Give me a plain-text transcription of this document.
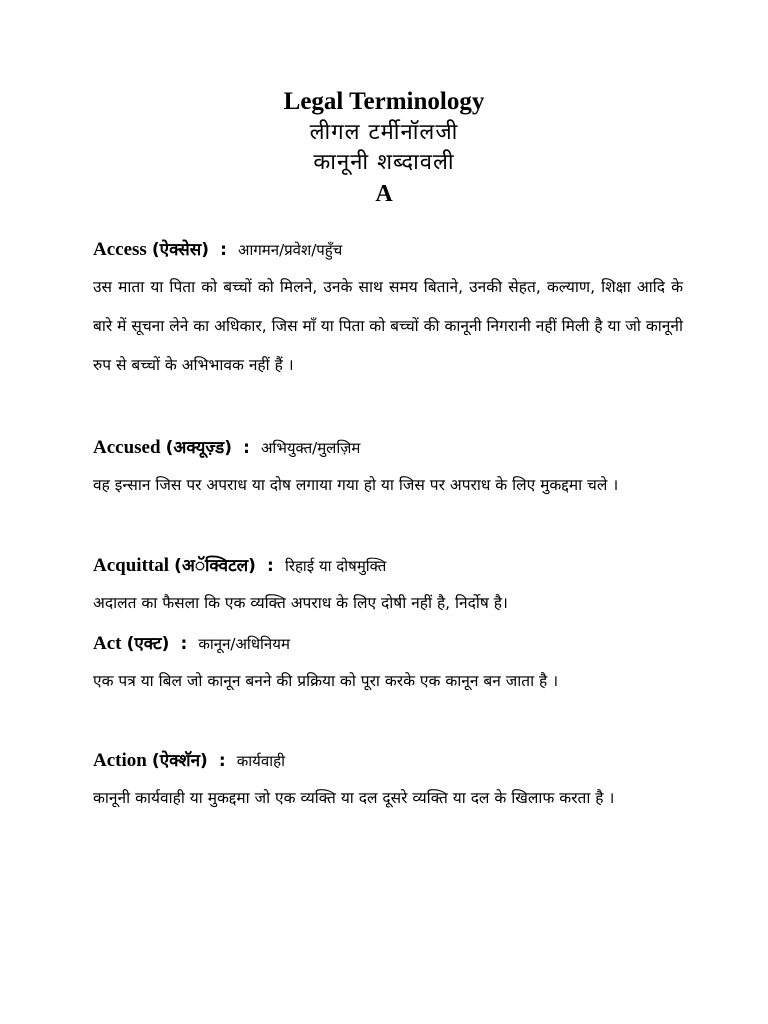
Legal Terminology
लीगल टर्मीनॉलजी
कानूनी शब्दावली
A
Access (ऐक्सेस) : आगमन/प्रवेश/पहुँच
उस माता या पिता को बच्चों को मिलने, उनके साथ समय बिताने, उनकी सेहत, कल्याण, शिक्षा आदि के बारे में सूचना लेने का अधिकार, जिस माँ या पिता को बच्चों की कानूनी निगरानी नहीं मिली है या जो कानूनी रुप से बच्चों के अभिभावक नहीं हैं ।
Accused (अक्यूज़्ड) : अभियुक्त/मुलज़िम
वह इन्सान जिस पर अपराध या दोष लगाया गया हो या जिस पर अपराध के लिए मुकद्दमा चले ।
Acquittal (अॅक्विटल) : रिहाई या दोषमुक्ति
अदालत का फैसला कि एक व्यक्ति अपराध के लिए दोषी नहीं है, निर्दोष है।
Act (एक्ट) : कानून/अधिनियम
एक पत्र या बिल जो कानून बनने की प्रक्रिया को पूरा करके एक कानून बन जाता है ।
Action (ऐक्शॅन) : कार्यवाही
कानूनी कार्यवाही या मुकद्दमा जो एक व्यक्ति या दल दूसरे व्यक्ति या दल के खिलाफ करता है ।
